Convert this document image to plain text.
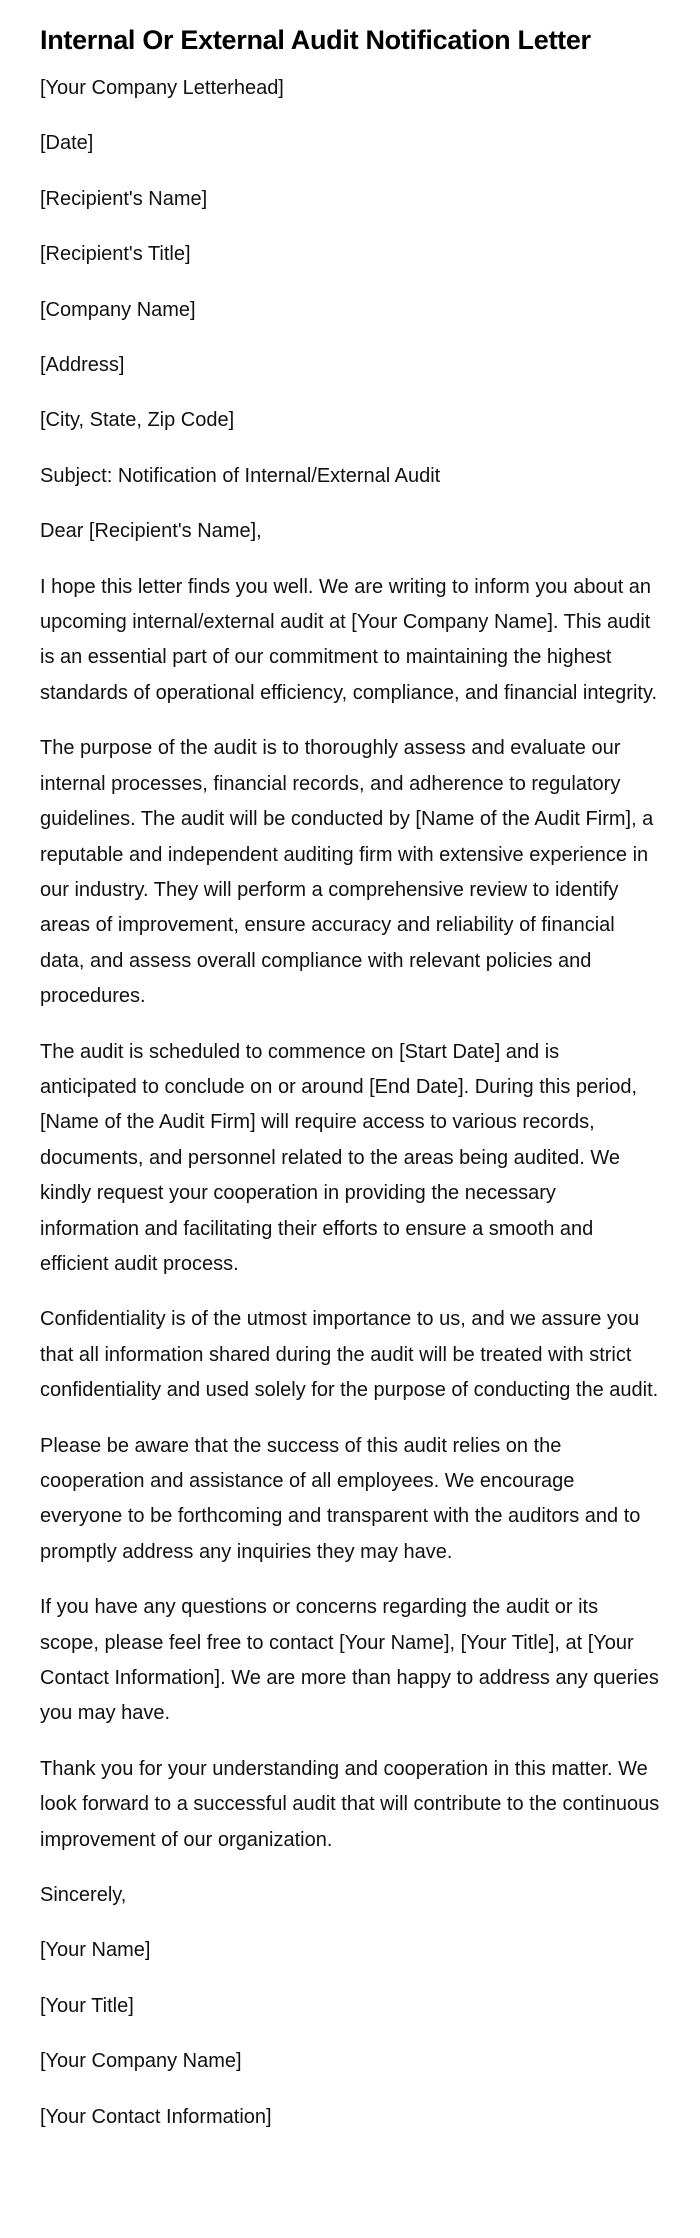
Internal Or External Audit Notification Letter

[Your Company Letterhead]

[Date]

[Recipient's Name]

[Recipient's Title]

[Company Name]

[Address]

[City, State, Zip Code]

Subject: Notification of Internal/External Audit

Dear [Recipient's Name],

I hope this letter finds you well. We are writing to inform you about an upcoming internal/external audit at [Your Company Name]. This audit is an essential part of our commitment to maintaining the highest standards of operational efficiency, compliance, and financial integrity.

The purpose of the audit is to thoroughly assess and evaluate our internal processes, financial records, and adherence to regulatory guidelines. The audit will be conducted by [Name of the Audit Firm], a reputable and independent auditing firm with extensive experience in our industry. They will perform a comprehensive review to identify areas of improvement, ensure accuracy and reliability of financial data, and assess overall compliance with relevant policies and procedures.

The audit is scheduled to commence on [Start Date] and is anticipated to conclude on or around [End Date]. During this period, [Name of the Audit Firm] will require access to various records, documents, and personnel related to the areas being audited. We kindly request your cooperation in providing the necessary information and facilitating their efforts to ensure a smooth and efficient audit process.

Confidentiality is of the utmost importance to us, and we assure you that all information shared during the audit will be treated with strict confidentiality and used solely for the purpose of conducting the audit.

Please be aware that the success of this audit relies on the cooperation and assistance of all employees. We encourage everyone to be forthcoming and transparent with the auditors and to promptly address any inquiries they may have.

If you have any questions or concerns regarding the audit or its scope, please feel free to contact [Your Name], [Your Title], at [Your Contact Information]. We are more than happy to address any queries you may have.

Thank you for your understanding and cooperation in this matter. We look forward to a successful audit that will contribute to the continuous improvement of our organization.

Sincerely,

[Your Name]

[Your Title]

[Your Company Name]

[Your Contact Information]
